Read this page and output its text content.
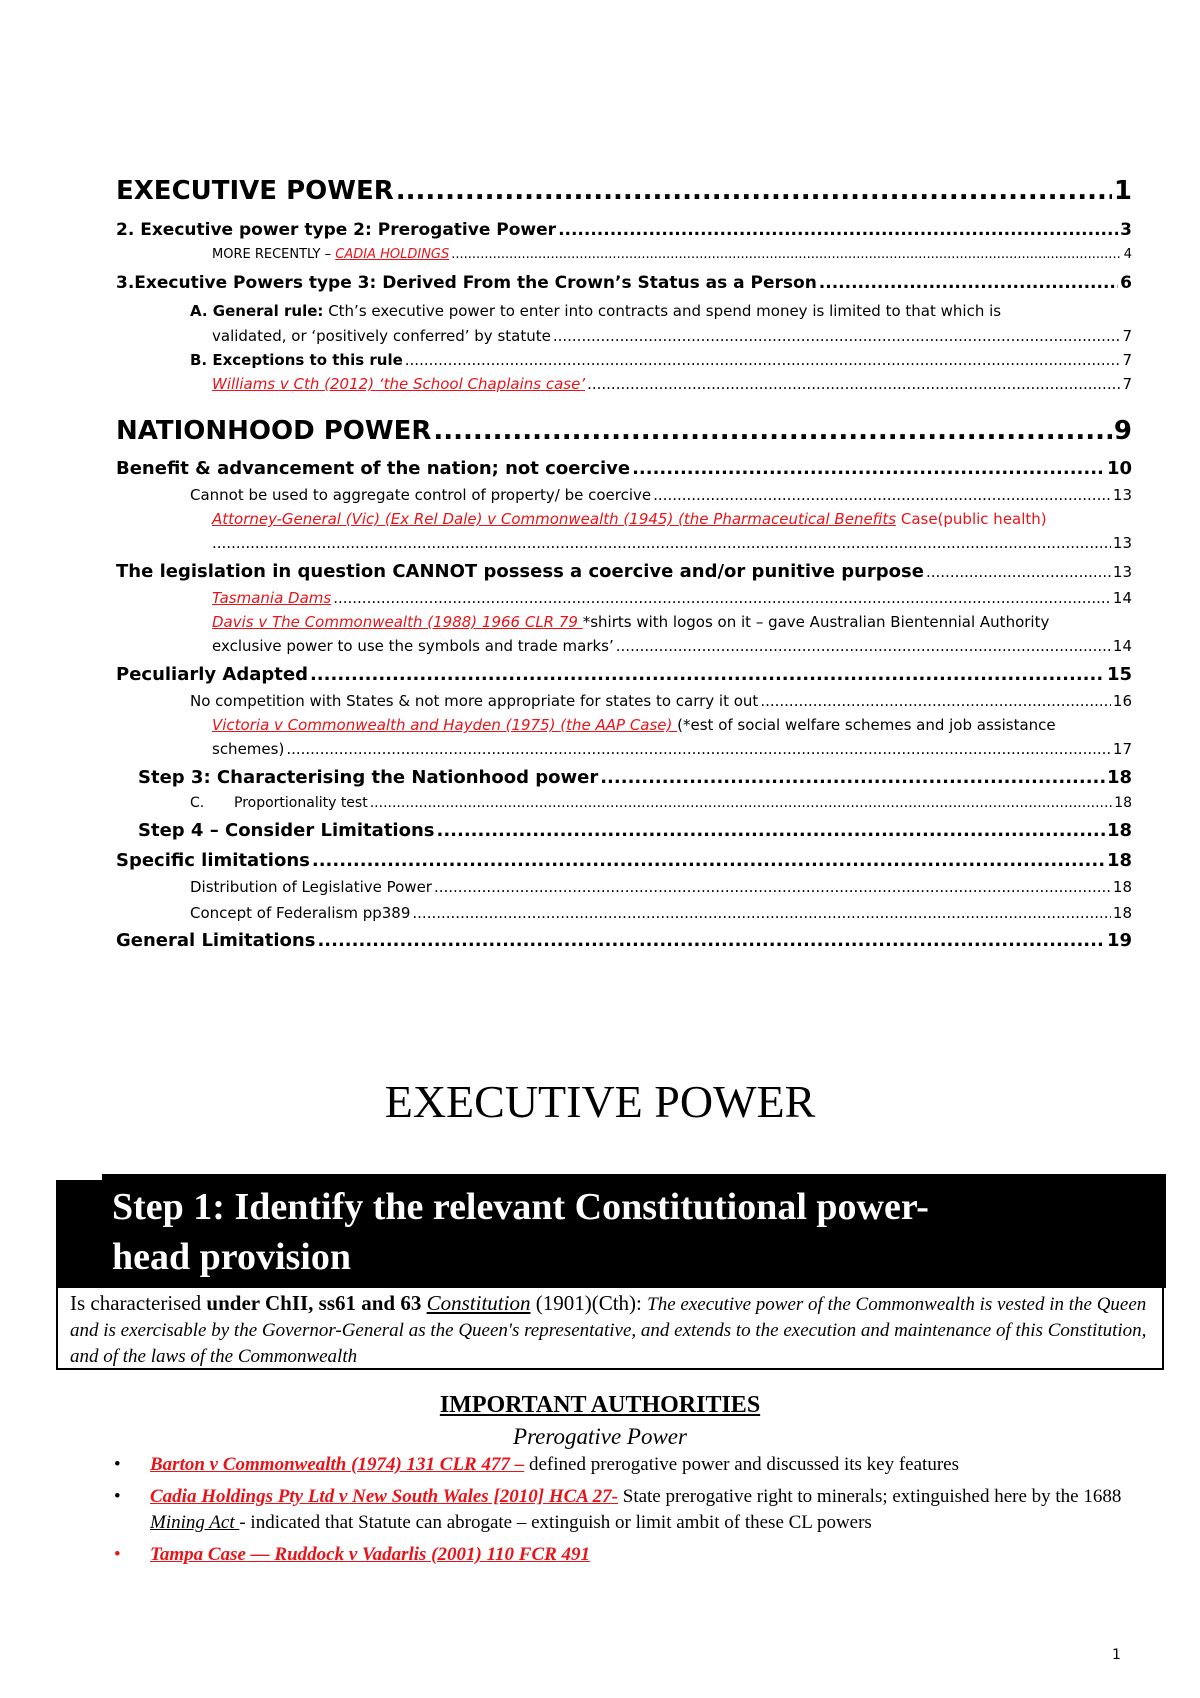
EXECUTIVE POWER .....	1
2. Executive power type 2: Prerogative Power .....	3
MORE RECENTLY – CADIA HOLDINGS .....	4
3.Executive Powers type 3: Derived From the Crown’s Status as a Person .....	6
A. General rule: Cth’s executive power to enter into contracts and spend money is limited to that which is
validated, or ‘positively conferred’ by statute .....	7
B. Exceptions to this rule .....	7
Williams v Cth (2012) ‘the School Chaplains case’ .....	7
NATIONHOOD POWER .....	9
Benefit & advancement of the nation; not coercive .....	10
Cannot be used to aggregate control of property/ be coercive .....	13
Attorney-General (Vic) (Ex Rel Dale) v Commonwealth (1945) (the Pharmaceutical Benefits Case(public health)
.....
13
The legislation in question CANNOT possess a coercive and/or punitive purpose .....	13
Tasmania Dams .....	14
Davis v The Commonwealth (1988) 1966 CLR 79 *shirts with logos on it – gave Australian Bientennial Authority
exclusive power to use the symbols and trade marks’ .....	14
Peculiarly Adapted .....	15
No competition with States & not more appropriate for states to carry it out .....	16
Victoria v Commonwealth and Hayden (1975) (the AAP Case) (*est of social welfare schemes and job assistance
schemes) .....	17
Step 3: Characterising the Nationhood power .....	18
C. Proportionality test .....	18
Step 4 – Consider Limitations .....	18
Specific limitations .....	18
Distribution of Legislative Power .....	18
Concept of Federalism pp389 .....	18
General Limitations .....	19
EXECUTIVE POWER
Step 1: Identify the relevant Constitutional power-
head provision
Is characterised under ChII, ss61 and 63 Constitution (1901)(Cth): The executive power of the Commonwealth is vested in the Queen and is exercisable by the Governor-General as the Queen's representative, and extends to the execution and maintenance of this Constitution, and of the laws of the Commonwealth
IMPORTANT AUTHORITIES
Prerogative Power
• Barton v Commonwealth (1974) 131 CLR 477 – defined prerogative power and discussed its key features
• Cadia Holdings Pty Ltd v New South Wales [2010] HCA 27- State prerogative right to minerals; extinguished here by the 1688 Mining Act - indicated that Statute can abrogate – extinguish or limit ambit of these CL powers
• Tampa Case — Ruddock v Vadarlis (2001) 110 FCR 491
1
